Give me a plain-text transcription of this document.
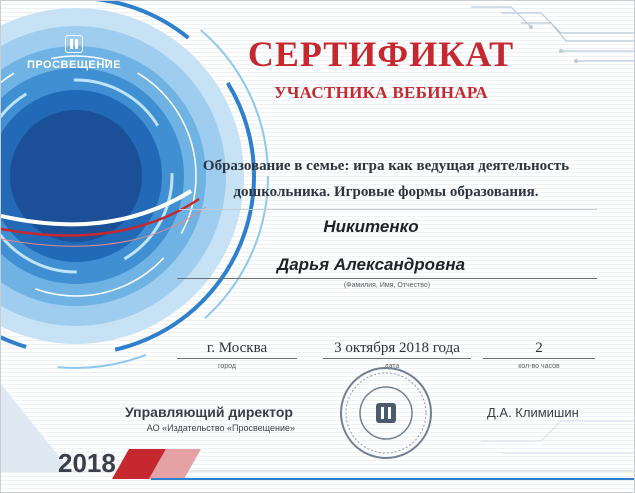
ПРОСВЕЩЕНИЕ	СЕРТИФИКАТ
УЧАСТНИКА ВЕБИНАРА
Образование в семье: игра как ведущая деятельность
дошкольника. Игровые формы образования.
Никитенко
Дарья Александровна
(Фамилия, Имя, Отчество)
г. Москва
город
3 октября 2018 года
дата
2
кол-во часов
Управляющий директор
АО «Издательство «Просвещение»
Д.А. Климишин
2018
